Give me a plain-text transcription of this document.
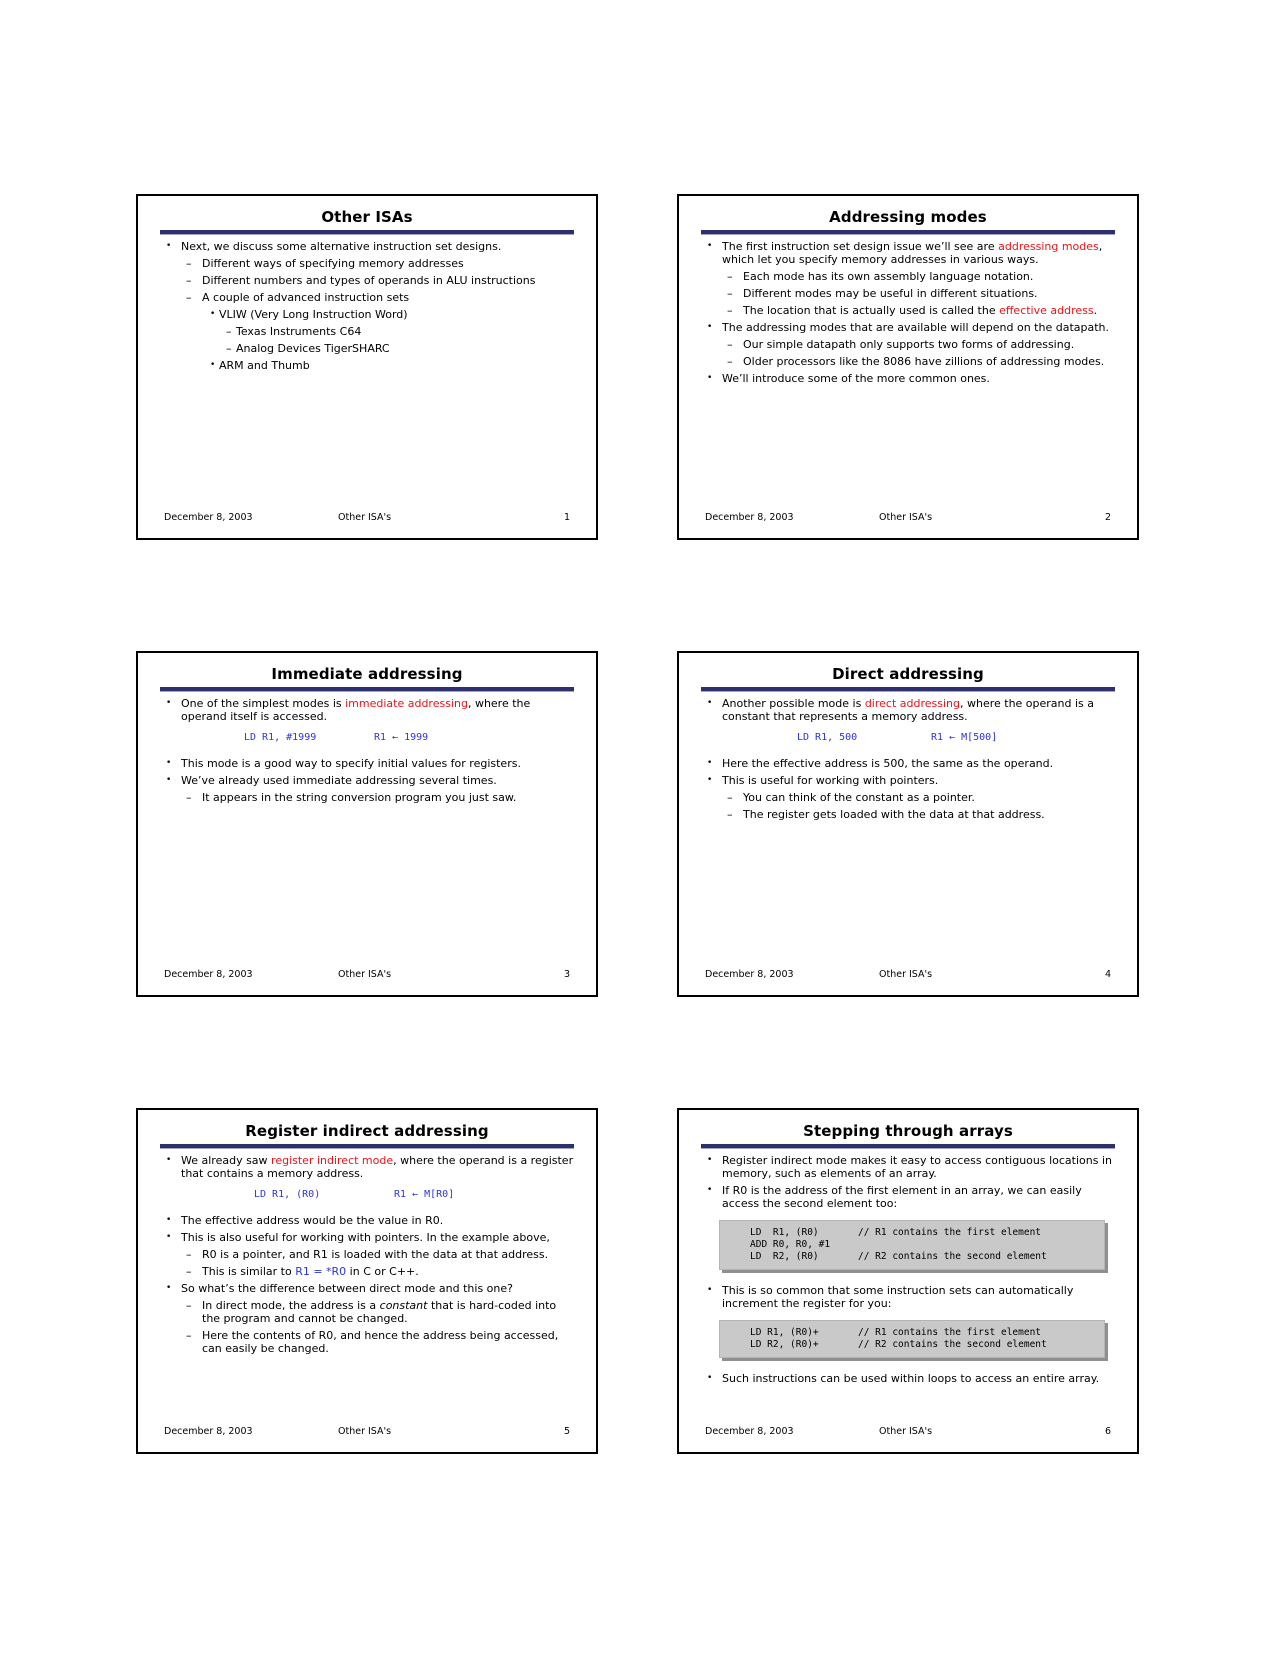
Other ISAs
• Next, we discuss some alternative instruction set designs.
– Different ways of specifying memory addresses
– Different numbers and types of operands in ALU instructions
– A couple of advanced instruction sets
• VLIW (Very Long Instruction Word)
– Texas Instruments C64
– Analog Devices TigerSHARC
• ARM and Thumb
December 8, 2003	Other ISA's	1
Addressing modes
• The first instruction set design issue we’ll see are addressing modes, which let you specify memory addresses in various ways.
– Each mode has its own assembly language notation.
– Different modes may be useful in different situations.
– The location that is actually used is called the effective address.
• The addressing modes that are available will depend on the datapath.
– Our simple datapath only supports two forms of addressing.
– Older processors like the 8086 have zillions of addressing modes.
• We’ll introduce some of the more common ones.
December 8, 2003	Other ISA's	2
Immediate addressing
• One of the simplest modes is immediate addressing, where the operand itself is accessed.
LD R1, #1999	R1 ← 1999
• This mode is a good way to specify initial values for registers.
• We’ve already used immediate addressing several times.
– It appears in the string conversion program you just saw.
December 8, 2003	Other ISA's	3
Direct addressing
• Another possible mode is direct addressing, where the operand is a constant that represents a memory address.
LD R1, 500	R1 ← M[500]
• Here the effective address is 500, the same as the operand.
• This is useful for working with pointers.
– You can think of the constant as a pointer.
– The register gets loaded with the data at that address.
December 8, 2003	Other ISA's	4
Register indirect addressing
• We already saw register indirect mode, where the operand is a register that contains a memory address.
LD R1, (R0)	R1 ← M[R0]
• The effective address would be the value in R0.
• This is also useful for working with pointers. In the example above,
– R0 is a pointer, and R1 is loaded with the data at that address.
– This is similar to R1 = *R0 in C or C++.
• So what’s the difference between direct mode and this one?
– In direct mode, the address is a constant that is hard-coded into the program and cannot be changed.
– Here the contents of R0, and hence the address being accessed, can easily be changed.
December 8, 2003	Other ISA's	5
Stepping through arrays
• Register indirect mode makes it easy to access contiguous locations in memory, such as elements of an array.
• If R0 is the address of the first element in an array, we can easily access the second element too:
LD  R1, (R0)	// R1 contains the first element
ADD R0, R0, #1
LD  R2, (R0)	// R2 contains the second element
• This is so common that some instruction sets can automatically increment the register for you:
LD R1, (R0)+	// R1 contains the first element
LD R2, (R0)+	// R2 contains the second element
• Such instructions can be used within loops to access an entire array.
December 8, 2003	Other ISA's	6
